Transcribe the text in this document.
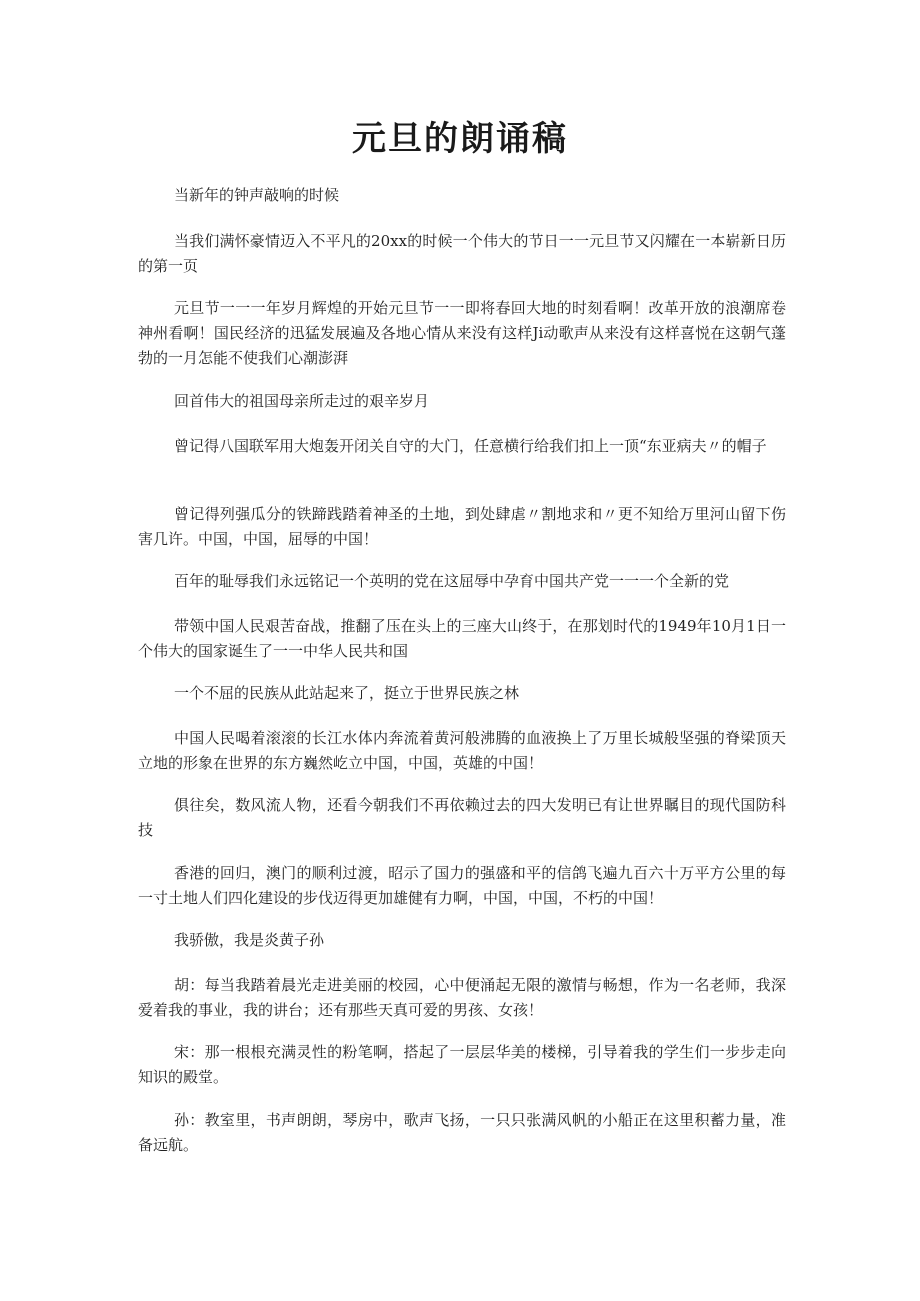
元旦的朗诵稿

当新年的钟声敲响的时候

当我们满怀豪情迈入不平凡的20xx的时候一个伟大的节日一一元旦节又闪耀在一本崭新日历的第一页

元旦节一一一年岁月辉煌的开始元旦节一一即将春回大地的时刻看啊！改革开放的浪潮席卷神州看啊！国民经济的迅猛发展遍及各地心情从来没有这样Ji动歌声从来没有这样喜悦在这朝气蓬勃的一月怎能不使我们心潮澎湃

回首伟大的祖国母亲所走过的艰辛岁月

曾记得八国联军用大炮轰开闭关自守的大门，任意横行给我们扣上一顶“东亚病夫〃的帽子

曾记得列强瓜分的铁蹄践踏着神圣的土地，到处肆虐〃割地求和〃更不知给万里河山留下伤害几许。中国，中国，屈辱的中国！

百年的耻辱我们永远铭记一个英明的党在这屈辱中孕育中国共产党一一一个全新的党

带领中国人民艰苦奋战，推翻了压在头上的三座大山终于，在那划时代的1949年10月1日一个伟大的国家诞生了一一中华人民共和国

一个不屈的民族从此站起来了，挺立于世界民族之林

中国人民喝着滚滚的长江水体内奔流着黄河般沸腾的血液换上了万里长城般坚强的脊梁顶天立地的形象在世界的东方巍然屹立中国，中国，英雄的中国！

俱往矣，数风流人物，还看今朝我们不再依赖过去的四大发明已有让世界瞩目的现代国防科技

香港的回归，澳门的顺利过渡，昭示了国力的强盛和平的信鸽飞遍九百六十万平方公里的每一寸土地人们四化建设的步伐迈得更加雄健有力啊，中国，中国，不朽的中国！

我骄傲，我是炎黄子孙

胡：每当我踏着晨光走进美丽的校园，心中便涌起无限的激情与畅想，作为一名老师，我深爱着我的事业，我的讲台；还有那些天真可爱的男孩、女孩！

宋：那一根根充满灵性的粉笔啊，搭起了一层层华美的楼梯，引导着我的学生们一步步走向知识的殿堂。

孙：教室里，书声朗朗，琴房中，歌声飞扬，一只只张满风帆的小船正在这里积蓄力量，准备远航。
